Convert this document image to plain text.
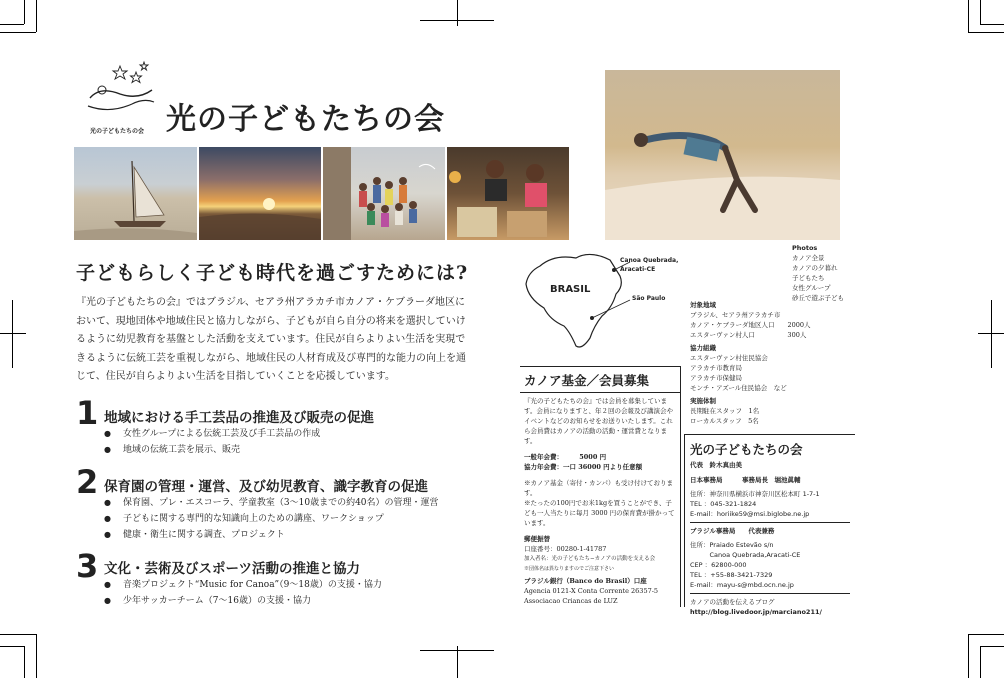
光の子どもたちの会 光の子どもたちの会
子どもらしく子ども時代を過ごすためには?
『光の子どもたちの会』ではブラジル、セアラ州アラカチ市カノア・ケブラーダ地区において、現地団体や地域住民と協力しながら、子どもが自ら自分の将来を選択していけるように幼児教育を基盤とした活動を支えています。住民が自らよりよい生活を実現できるように伝統工芸を重視しながら、地域住民の人材育成及び専門的な能力の向上を通じて、住民が自らよりよい生活を目指していくことを応援しています。
1 地域における手工芸品の推進及び販売の促進
● 女性グループによる伝統工芸及び手工芸品の作成
● 地域の伝統工芸を展示、販売
2 保育園の管理・運営、及び幼児教育、識字教育の促進
● 保育園、プレ・エスコーラ、学童教室（3〜10歳までの約40名）の管理・運営
● 子どもに関する専門的な知識向上のための講座、ワークショップ
● 健康・衛生に関する調査、プロジェクト
3 文化・芸術及びスポーツ活動の推進と協力
● 音楽プロジェクト“Music for Canoa”（9〜18歳）の支援・協力
● 少年サッカーチーム（7〜16歳）の支援・協力
BRASIL
Canoa Quebrada,
Aracati-CE
São Paulo
Photos
カノア全景
カノアの夕暮れ
子どもたち
女性グループ
砂丘で遊ぶ子ども
対象地域
ブラジル、セアラ州アラカチ市
カノア・ケブラーダ地区人口　　2000人
エスターヴァン村人口　　　　　300人
協力組織
エスターヴァン村住民協会
アラカチ市教育局
アラカチ市保健局
モンチ・アズール住民協会　など
実施体制
長期駐在スタッフ　1名
ローカルスタッフ　5名
カノア基金／会員募集
『光の子どもたちの会』では会員を募集しています。会員になりますと、年２回の会報及び講演会やイベントなどのお知らせをお送りいたします。これら会員費はカノアの活動の活動・運営費となります。
一般年会費：　　　5000 円
協力年会費：一口 36000 円より任意額
※カノア基金（寄付・カンパ）も受け付けております。
※たったの100円でお米1kgを買うことができ、子ども一人当たりに毎月 3000 円の保育費が掛かっています。
郵便振替
口座番号：00280-1-41787
加入者名：光の子どもたち−カノアの活動を支える会
※団体名は異なりますのでご注意下さい
ブラジル銀行（Banco do Brasil）口座
Agencia 0121-X Conta Corrente 26357-5
Associacao Criancas de LUZ
光の子どもたちの会
代表　鈴木真由美
日本事務局　　　事務局長　堀池眞輔
住所：神奈川県横浜市神奈川区松本町 1-7-1
TEL ：045-321-1824
E-mail：horiike59@msi.biglobe.ne.jp
ブラジル事務局　　代表兼務
住所：Praiado Estevão s/n
　　　Canoa Quebrada,Aracati-CE
CEP ：62800-000
TEL ：+55-88-3421-7329
E-mail：mayu-s@mbd.ocn.ne.jp
カノアの活動を伝えるブログ
http://blog.livedoor.jp/marciano211/
